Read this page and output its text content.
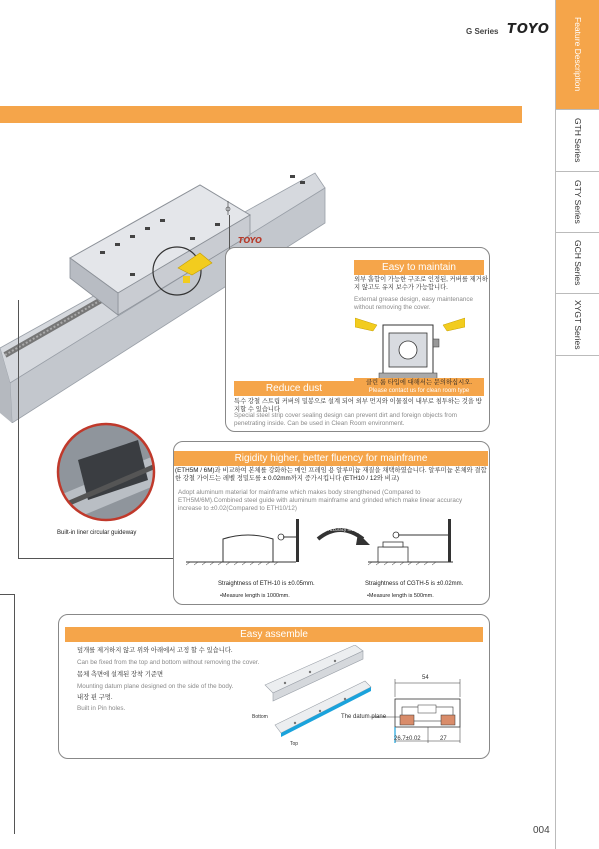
G Series TOYO	Feature Description
GTH Series
GTY Series
GCH Series
XYGT Series
TOYO
Built-in liner circular guideway
Easy to maintain
외부 흡합이 가능한 구조로 인정된, 커버를 제거하지 않고도 유지 보수가 가능합니다.
External grease design, easy maintenance without removing the cover.
Reduce dust
클린 룸 타입에 대해서는 문의하십시오.
Please contact us for clean room type
특수 강철 스트립 커버의 밀봉으로 설계 되어 외부 먼지와 이물질이 내부로 침투하는 것을 방지할 수 있습니다
Special steel strip cover sealing design can prevent dirt and foreign objects from penetrating inside. Can be used in Clean Room environment.
Rigidity higher, better fluency for mainframe
(ETH5M / 6M)과 비교하여 본체를 강화하는 메인 프레임 용 알루미늄 재질을 채택하였습니다. 알루미늄 본체와 결합한 강철 가이드는 레벨 정밀도를 ± 0.02mm까지 증가시킵니다 (ETH10 / 12와 비교)
Adopt aluminum material for mainframe which makes body strengthened (Compared to ETH5M/6M).Combined steel guide with aluminum mainframe and grinded which make linear accuracy increase to ±0.02(Compared to ETH10/12)
Accuracy Increase
Straightness of ETH-10 is ±0.05mm.
•Measure length is 1000mm.
Straightness of CGTH-5 is ±0.02mm.
•Measure length is 500mm.
Easy assemble
덮개를 제거하지 않고 위와 아래에서 고정 할 수 있습니다.
Can be fixed from the top and bottom without removing the cover.
몸체 측면에 설계된 장착 기준면
Mounting datum plane designed on the side of the body.
내장 핀 구멍.
Built in Pin holes.
Bottom
Top
54
The datum plane
26.7±0.02	27
004
